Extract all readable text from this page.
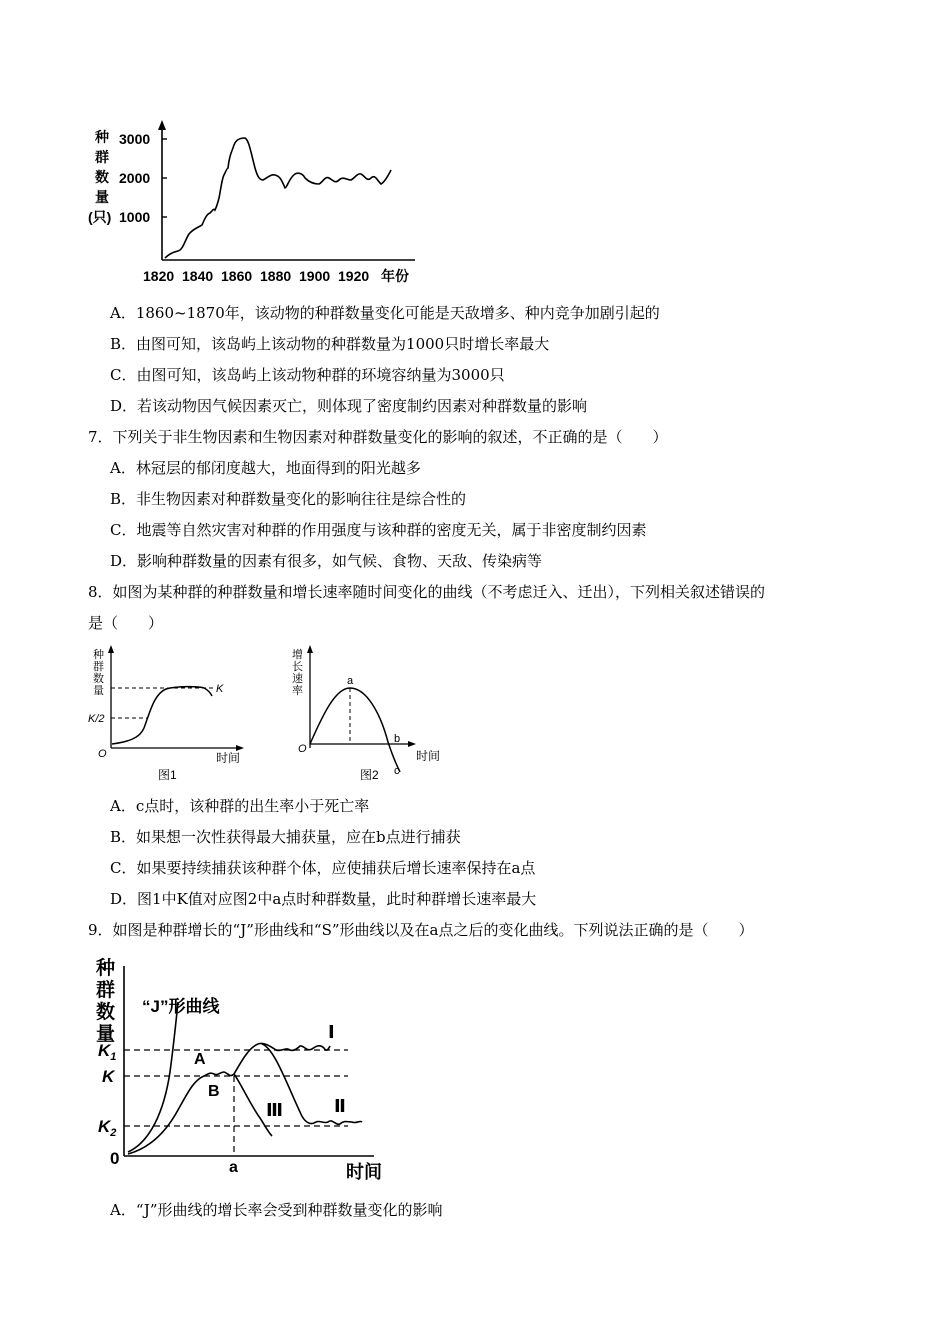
种
群
数
量
(只)
3000
2000
1000
1820 1840 1860 1880 1900 1920 年份
A．1860~1870年，该动物的种群数量变化可能是天敌增多、种内竞争加剧引起的
B．由图可知，该岛屿上该动物的种群数量为1000只时增长率最大
C．由图可知，该岛屿上该动物种群的环境容纳量为3000只
D．若该动物因气候因素灭亡，则体现了密度制约因素对种群数量的影响
7．下列关于非生物因素和生物因素对种群数量变化的影响的叙述，不正确的是（　　）
A．林冠层的郁闭度越大，地面得到的阳光越多
B．非生物因素对种群数量变化的影响往往是综合性的
C．地震等自然灾害对种群的作用强度与该种群的密度无关，属于非密度制约因素
D．影响种群数量的因素有很多，如气候、食物、天敌、传染病等
8．如图为某种群的种群数量和增长速率随时间变化的曲线（不考虑迁入、迁出），下列相关叙述错误的
是（　　）
种
群
数
量	K
K/2
O	时间
图1
增
长
速
率
a
b
c
O	时间
图2
A．c点时，该种群的出生率小于死亡率
B．如果想一次性获得最大捕获量，应在b点进行捕获
C．如果要持续捕获该种群个体，应使捕获后增长速率保持在a点
D．图1中K值对应图2中a点时种群数量，此时种群增长速率最大
9．如图是种群增长的“J”形曲线和“S”形曲线以及在a点之后的变化曲线。下列说法正确的是（　　）
种
群
数
量
“J”形曲线
$K_1$
K
$K_2$
0	a	时间
A
B
Ⅰ
Ⅱ
Ⅲ
A．“J”形曲线的增长率会受到种群数量变化的影响
